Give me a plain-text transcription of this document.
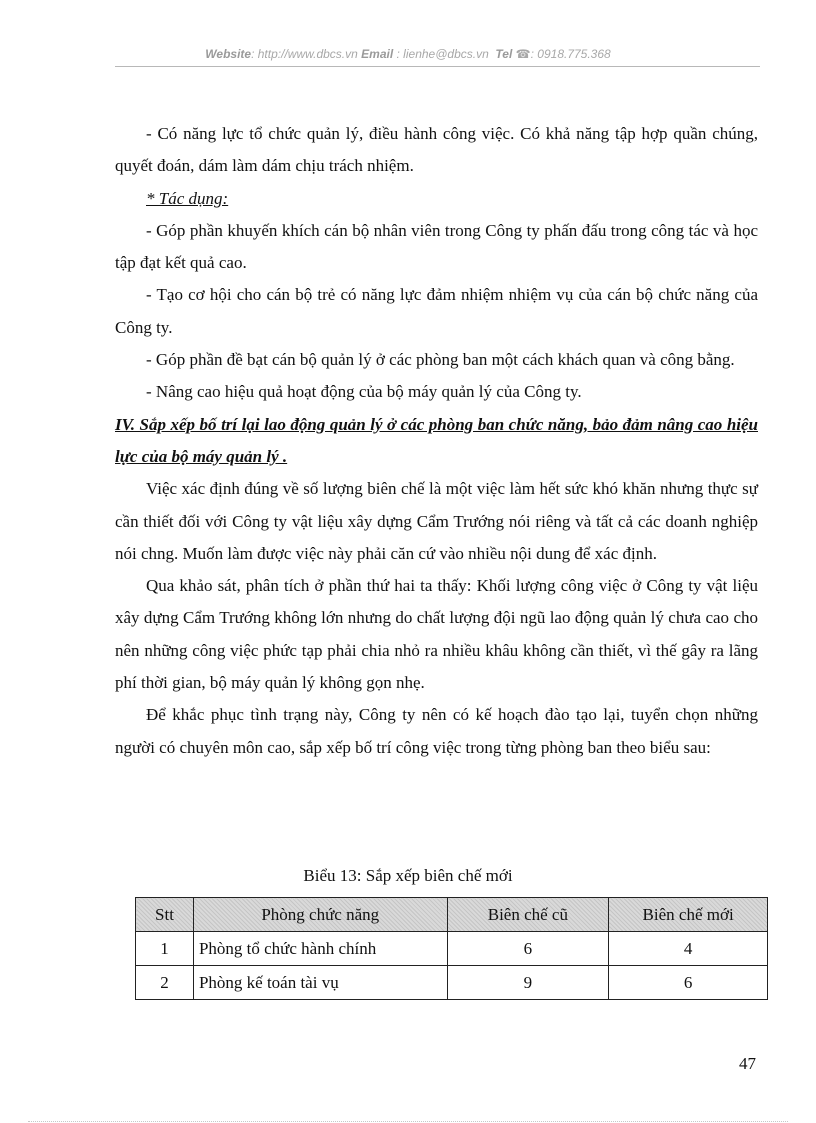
Website: http://www.dbcs.vn Email : lienhe@dbcs.vn Tel ☎: 0918.775.368

- Có năng lực tổ chức quản lý, điều hành công việc. Có khả năng tập hợp quần chúng, quyết đoán, dám làm dám chịu trách nhiệm.

* Tác dụng:

- Góp phần khuyến khích cán bộ nhân viên trong Công ty phấn đấu trong công tác và học tập đạt kết quả cao.

- Tạo cơ hội cho cán bộ trẻ có năng lực đảm nhiệm nhiệm vụ của cán bộ chức năng của Công ty.

- Góp phần đề bạt cán bộ quản lý ở các phòng ban một cách khách quan và công bằng.

- Nâng cao hiệu quả hoạt động của bộ máy quản lý của Công ty.

IV. Sắp xếp bố trí lại lao động quản lý ở các phòng ban chức năng, bảo đảm nâng cao hiệu lực của bộ máy quản lý .

Việc xác định đúng về số lượng biên chế là một việc làm hết sức khó khăn nhưng thực sự cần thiết đối với Công ty vật liệu xây dựng Cẩm Trướng nói riêng và tất cả các doanh nghiệp nói chng. Muốn làm được việc này phải căn cứ vào nhiều nội dung để xác định.

Qua khảo sát, phân tích ở phần thứ hai ta thấy: Khối lượng công việc ở Công ty vật liệu xây dựng Cẩm Trướng không lớn nhưng do chất lượng đội ngũ lao động quản lý chưa cao cho nên những công việc phức tạp phải chia nhỏ ra nhiều khâu không cần thiết, vì thế gây ra lãng phí thời gian, bộ máy quản lý không gọn nhẹ.

Để khắc phục tình trạng này, Công ty nên có kế hoạch đào tạo lại, tuyển chọn những người có chuyên môn cao, sắp xếp bố trí công việc trong từng phòng ban theo biểu sau:

Biểu 13: Sắp xếp biên chế mới
Stt	Phòng chức năng	Biên chế cũ	Biên chế mới
1	Phòng tổ chức hành chính	6	4
2	Phòng kế toán tài vụ	9	6
47
